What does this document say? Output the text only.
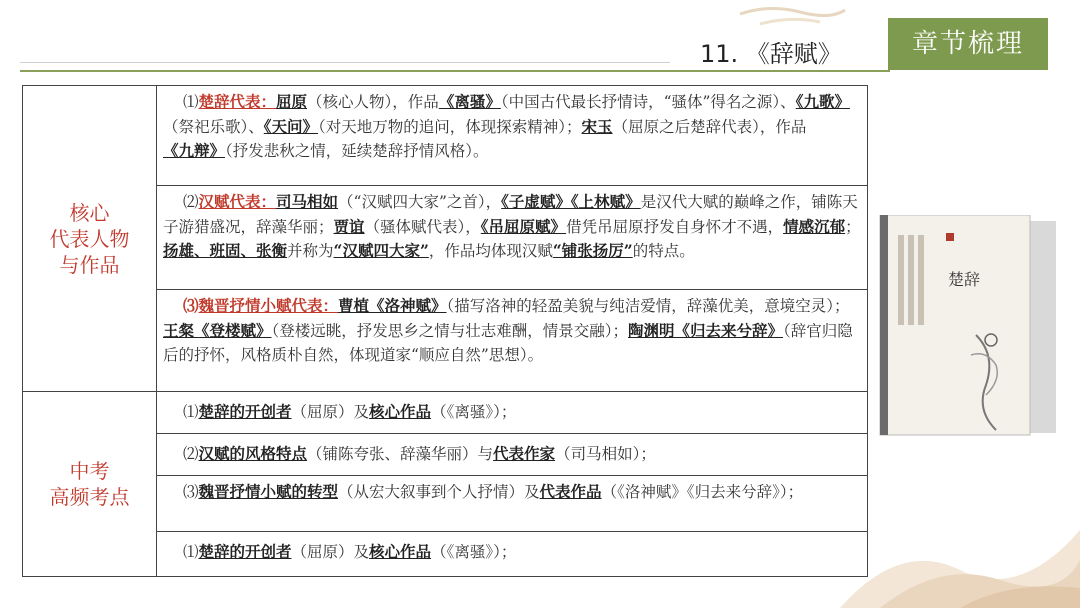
11. 《辞赋》	章节梳理
核心
代表人物
与作品
中考
高频考点
⑴楚辞代表：屈原（核心人物），作品《离骚》（中国古代最长抒情诗，“骚体”得名之源）、《九歌》（祭祀乐歌）、《天问》（对天地万物的追问，体现探索精神）；宋玉（屈原之后楚辞代表），作品《九辩》（抒发悲秋之情，延续楚辞抒情风格）。
⑵汉赋代表：司马相如（“汉赋四大家”之首），《子虚赋》《上林赋》是汉代大赋的巅峰之作，铺陈天子游猎盛况，辞藻华丽；贾谊（骚体赋代表），《吊屈原赋》借凭吊屈原抒发自身怀才不遇，情感沉郁；扬雄、班固、张衡并称为“汉赋四大家”，作品均体现汉赋“铺张扬厉”的特点。
⑶魏晋抒情小赋代表：曹植《洛神赋》（描写洛神的轻盈美貌与纯洁爱情，辞藻优美，意境空灵）；王粲《登楼赋》（登楼远眺，抒发思乡之情与壮志难酬，情景交融）；陶渊明《归去来兮辞》（辞官归隐后的抒怀，风格质朴自然，体现道家“顺应自然”思想）。
⑴楚辞的开创者（屈原）及核心作品（《离骚》）；
⑵汉赋的风格特点（铺陈夸张、辞藻华丽）与代表作家（司马相如）；
⑶魏晋抒情小赋的转型（从宏大叙事到个人抒情）及代表作品（《洛神赋》《归去来兮辞》）；
⑴楚辞的开创者（屈原）及核心作品（《离骚》）；
楚辞
